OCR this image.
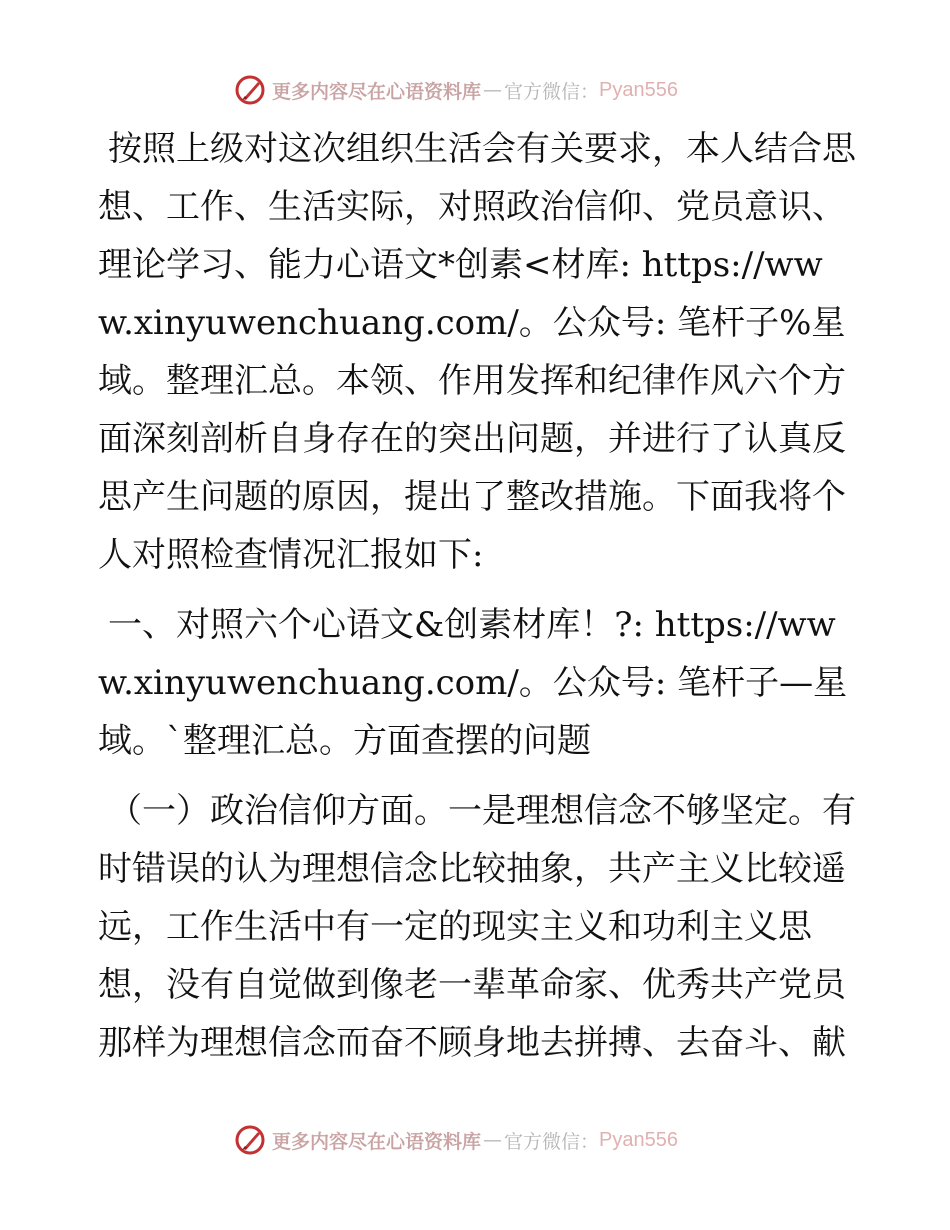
更多内容尽在心语资料库 — 官方微信： Pyan556

按照上级对这次组织生活会有关要求，本人结合思想、工作、生活实际，对照政治信仰、党员意识、理论学习、能力心语文*创素<材库: https://www.xinyuwenchuang.com/。公众号: 笔杆子%星域。整理汇总。本领、作用发挥和纪律作风六个方面深刻剖析自身存在的突出问题，并进行了认真反思产生问题的原因，提出了整改措施。下面我将个人对照检查情况汇报如下:

一、对照六个心语文&创素材库！?: https://www.xinyuwenchuang.com/。公众号: 笔杆子—星域。`整理汇总。方面查摆的问题

（一）政治信仰方面。一是理想信念不够坚定。有时错误的认为理想信念比较抽象，共产主义比较遥远，工作生活中有一定的现实主义和功利主义思想，没有自觉做到像老一辈革命家、优秀共产党员那样为理想信念而奋不顾身地去拼搏、去奋斗、献

更多内容尽在心语资料库 — 官方微信： Pyan556
